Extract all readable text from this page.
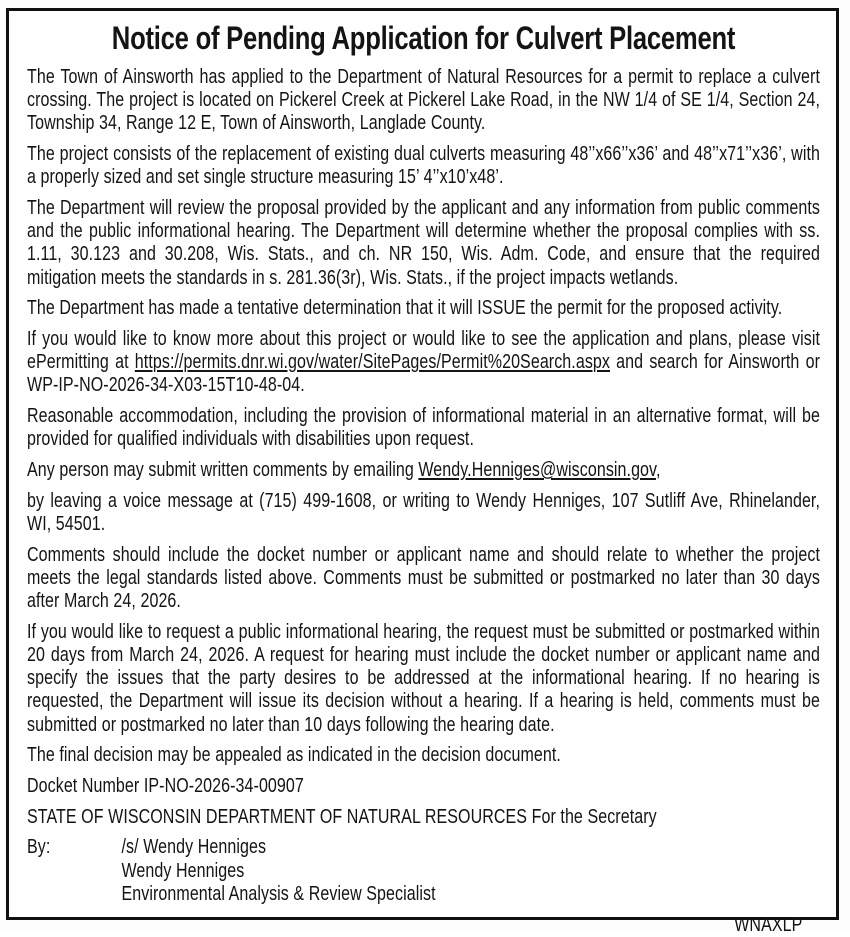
Notice of Pending Application for Culvert Placement

The Town of Ainsworth has applied to the Department of Natural Resources for a permit to replace a culvert crossing. The project is located on Pickerel Creek at Pickerel Lake Road, in the NW 1/4 of SE 1/4, Section 24, Township 34, Range 12 E, Town of Ainsworth, Langlade County.

The project consists of the replacement of existing dual culverts measuring 48’’x66’’x36’ and 48’’x71’’x36’, with a properly sized and set single structure measuring 15’ 4’’x10’x48’.

The Department will review the proposal provided by the applicant and any information from public comments and the public informational hearing. The Department will determine whether the proposal complies with ss. 1.11, 30.123 and 30.208, Wis. Stats., and ch. NR 150, Wis. Adm. Code, and ensure that the required mitigation meets the standards in s. 281.36(3r), Wis. Stats., if the project impacts wetlands.

The Department has made a tentative determination that it will ISSUE the permit for the proposed activity.

If you would like to know more about this project or would like to see the application and plans, please visit ePermitting at https://permits.dnr.wi.gov/water/SitePages/Permit%20Search.aspx and search for Ainsworth or WP-IP-NO-2026-34-X03-15T10-48-04.

Reasonable accommodation, including the provision of informational material in an alternative format, will be provided for qualified individuals with disabilities upon request.

Any person may submit written comments by emailing Wendy.Henniges@wisconsin.gov,

by leaving a voice message at (715) 499-1608, or writing to Wendy Henniges, 107 Sutliff Ave, Rhinelander, WI, 54501.

Comments should include the docket number or applicant name and should relate to whether the project meets the legal standards listed above. Comments must be submitted or postmarked no later than 30 days after March 24, 2026.

If you would like to request a public informational hearing, the request must be submitted or postmarked within 20 days from March 24, 2026. A request for hearing must include the docket number or applicant name and specify the issues that the party desires to be addressed at the informational hearing. If no hearing is requested, the Department will issue its decision without a hearing. If a hearing is held, comments must be submitted or postmarked no later than 10 days following the hearing date.

The final decision may be appealed as indicated in the decision document.

Docket Number IP-NO-2026-34-00907

STATE OF WISCONSIN DEPARTMENT OF NATURAL RESOURCES For the Secretary

By:	/s/ Wendy Henniges
Wendy Henniges
Environmental Analysis & Review Specialist
WNAXLP
